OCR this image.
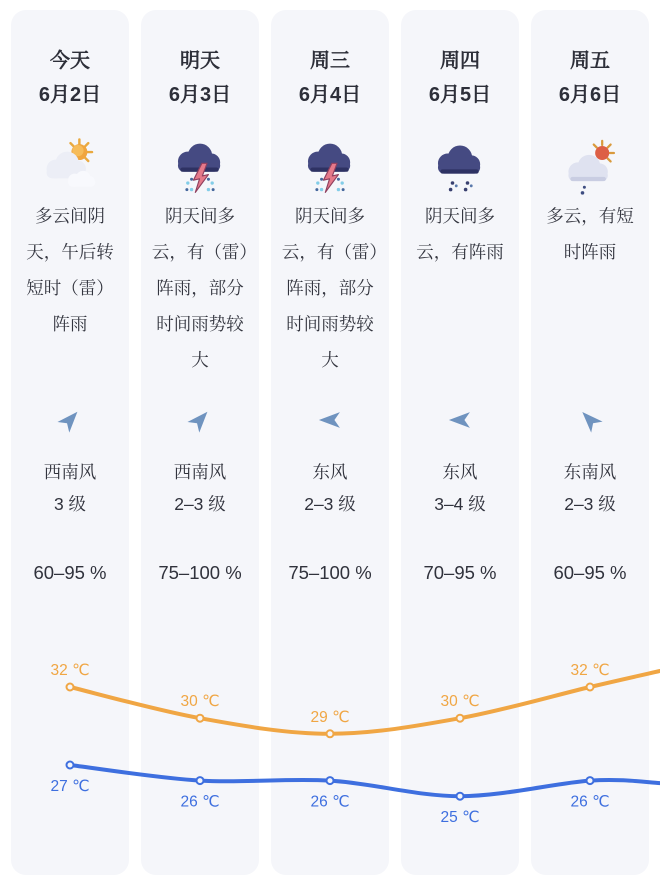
今天
6月2日
多云间阴天，午后转短时（雷）阵雨
西南风
3 级
60–95 %
明天
6月3日
阴天间多云，有（雷）阵雨，部分时间雨势较大
西南风
2–3 级
75–100 %
周三
6月4日
阴天间多云，有（雷）阵雨，部分时间雨势较大
东风
2–3 级
75–100 %
周四
6月5日
阴天间多云，有阵雨
东风
3–4 级
70–95 %
周五
6月6日
多云，有短时阵雨
东南风
2–3 级
60–95 %
32 ℃
30 ℃
29 ℃
30 ℃
32 ℃
27 ℃
26 ℃	26 ℃
25 ℃
26 ℃
